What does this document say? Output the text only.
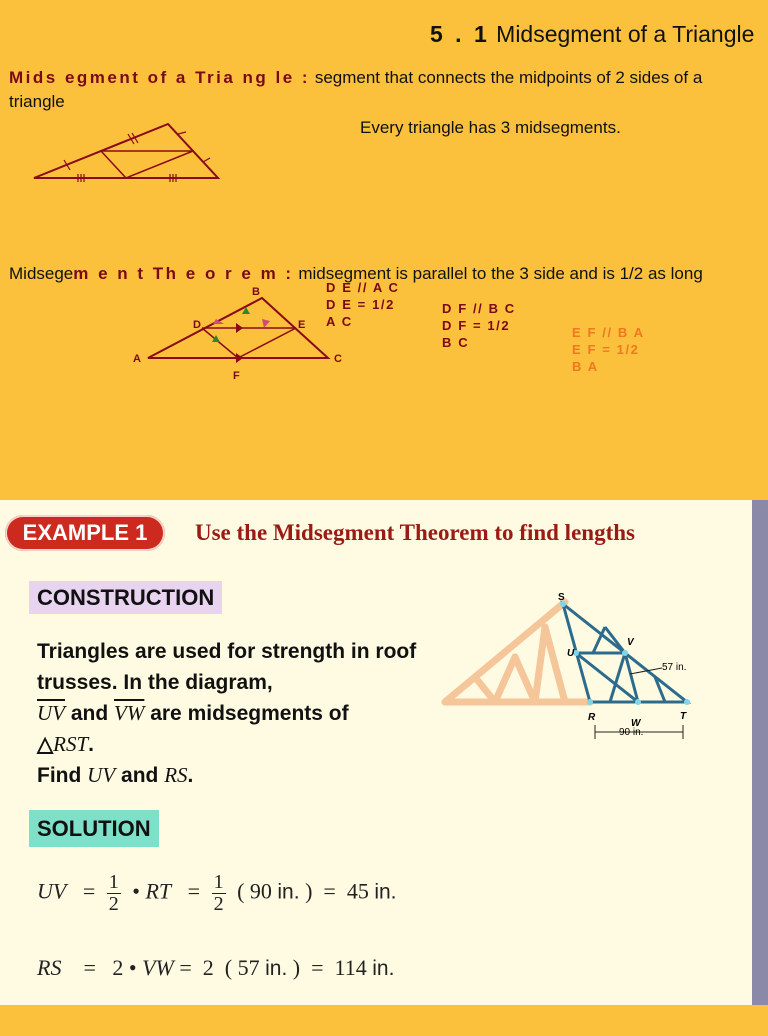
5 . 1 Midsegment of a Triangle
Mids egment of a Tria ng le : segment that connects the midpoints of 2 sides of a triangle
Every triangle has 3 midsegments.
Midsegem e n t Th e o r e m : midsegment is parallel to the 3 side and is 1/2 as long
A
B
C
D	E
F
D E // A C
D E = 1/2
A C
D F // B C
D F = 1/2
B C
E F // B A
E F = 1/2
B A
EXAMPLE 1	Use the Midsegment Theorem to find lengths
CONSTRUCTION
Triangles are used for strength in roof trusses. In the diagram,
$\overline{UV}$ and $\overline{VW}$ are midsegments of
△RST.
Find UV and RS.
S
U
V
R
W
T
57 in.
90 in.
SOLUTION
UV = $\frac{1}{2}$ • RT = $\frac{1}{2}$ ( 90 in. ) = 45 in.
RS = 2 • VW = 2 ( 57 in. ) = 114 in.
